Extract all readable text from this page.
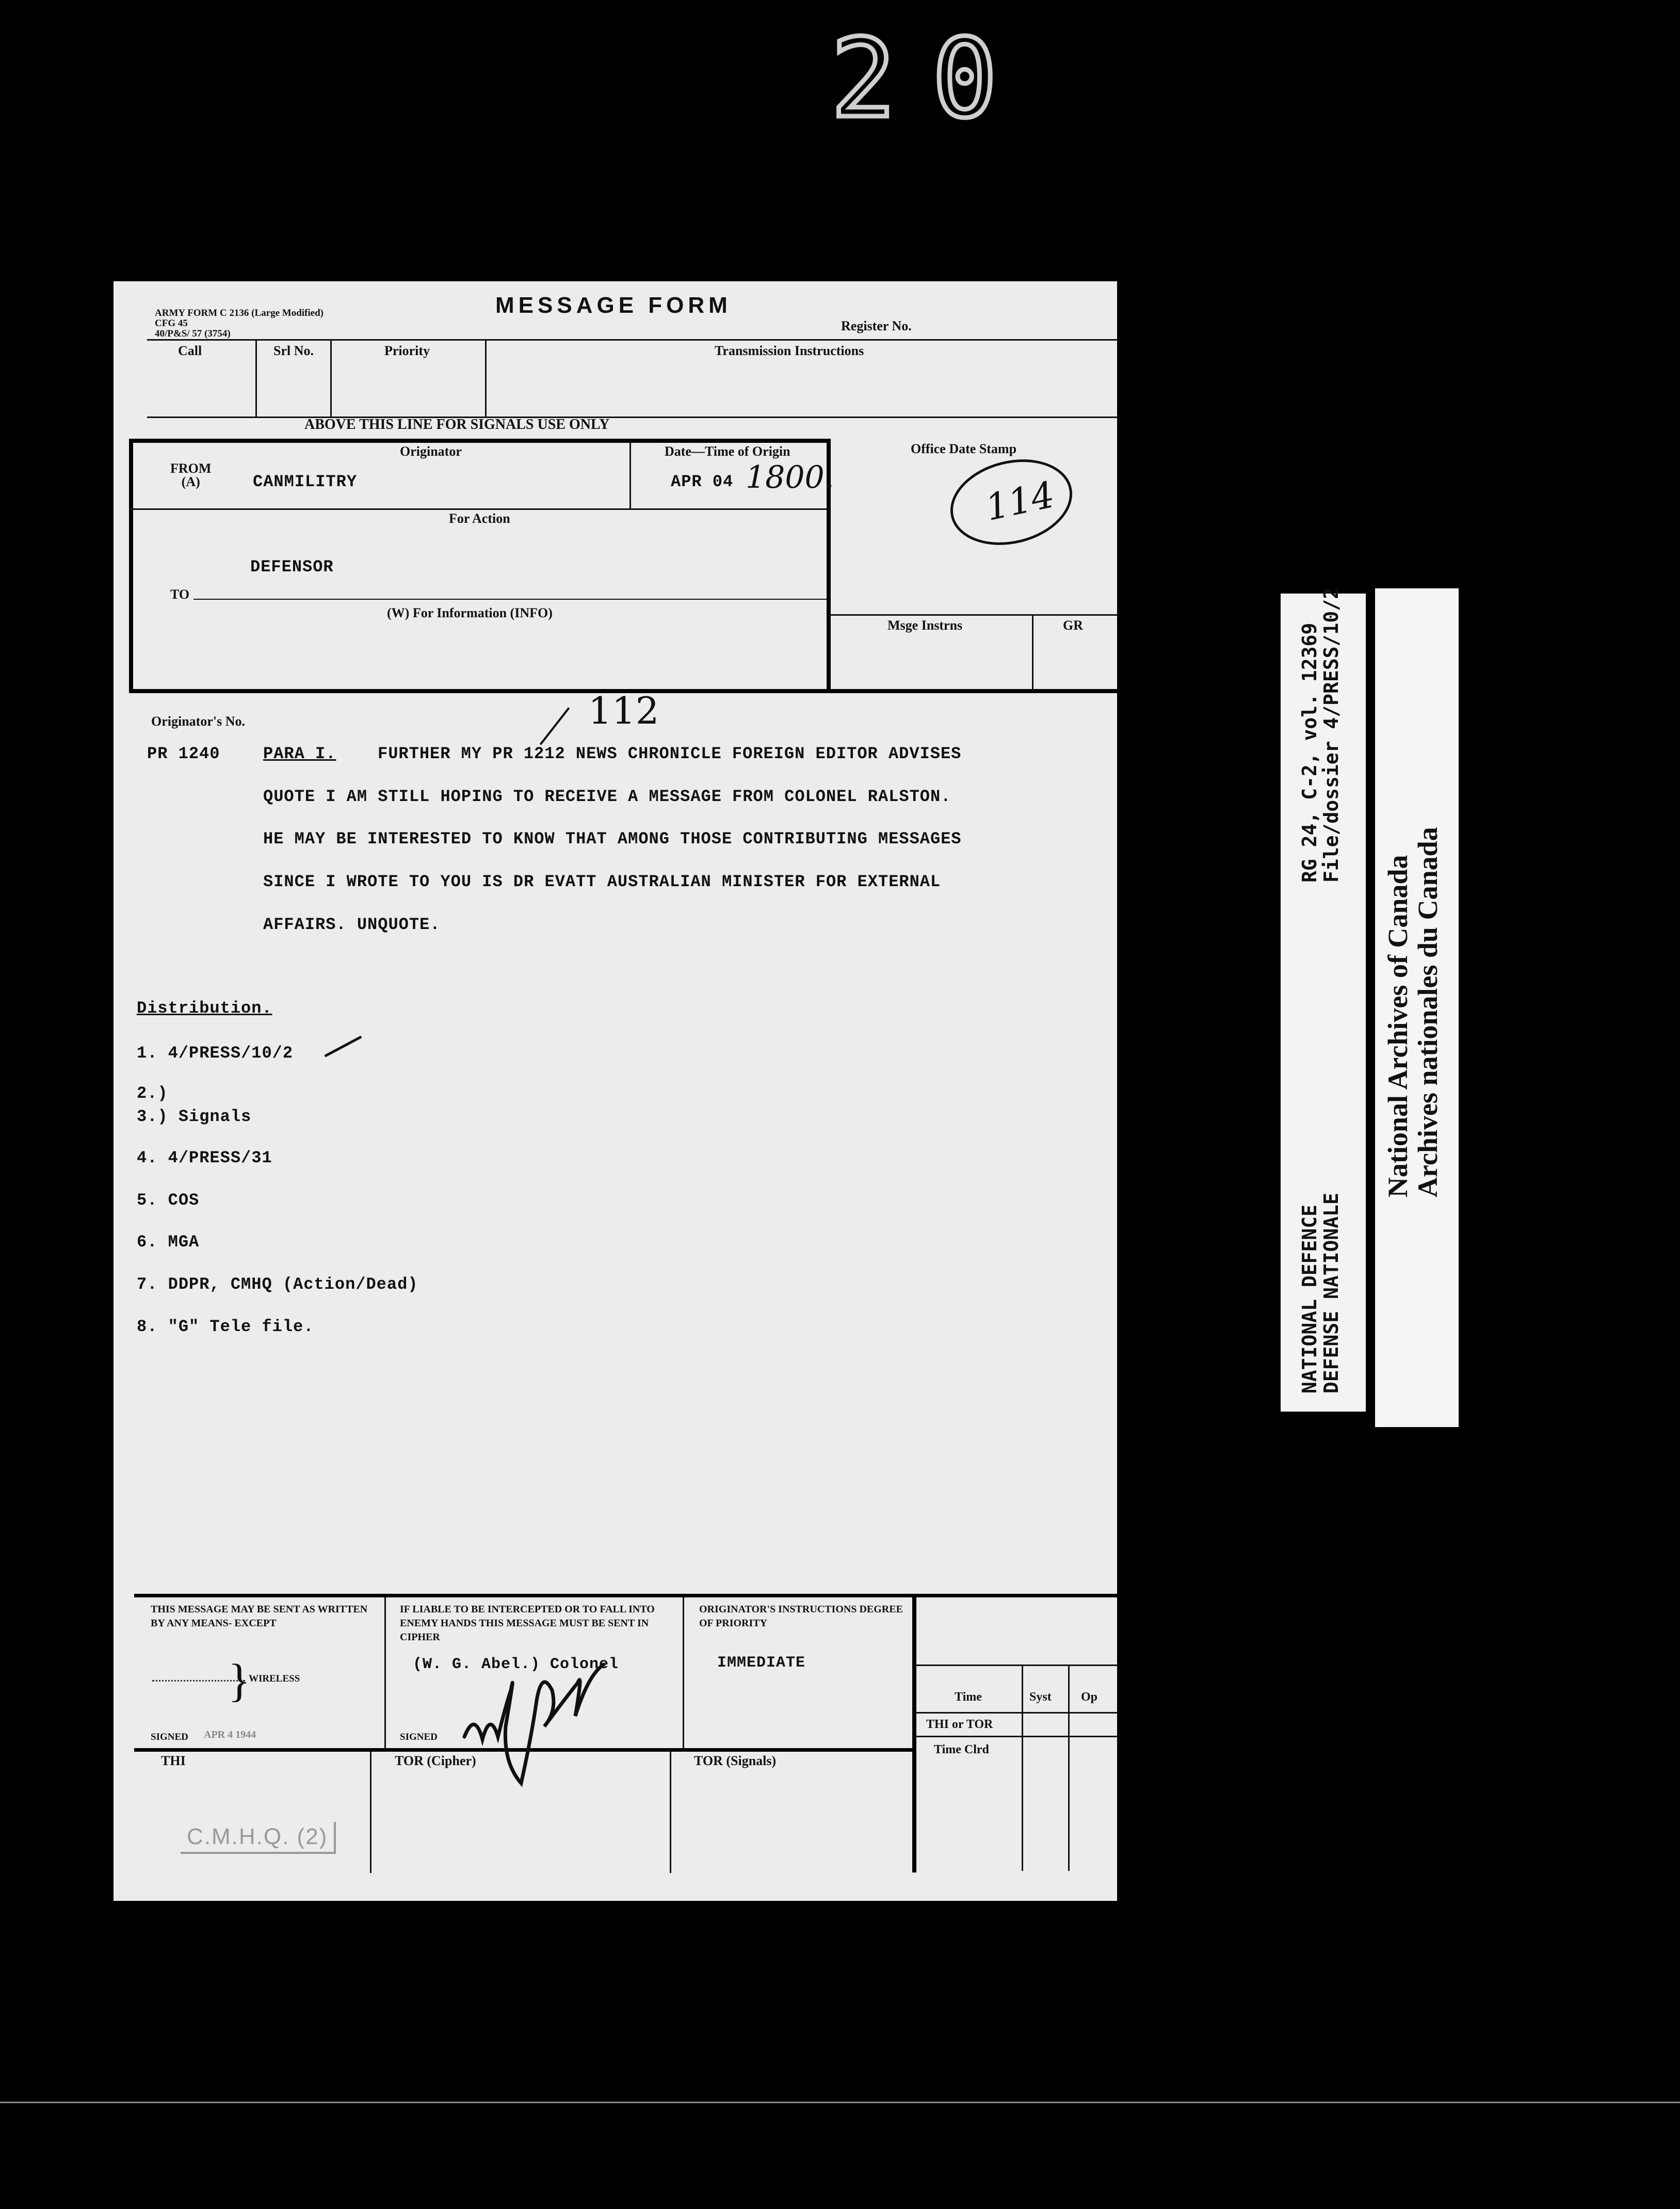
20
ARMY FORM C 2136 (Large Modified)
CFG 45
40/P&S/ 57 (3754)
MESSAGE FORM
Register No.
Call	Srl No.	Priority	Transmission Instructions
ABOVE THIS LINE FOR SIGNALS USE ONLY
Originator	Date—Time of Origin	Office Date Stamp
FROM
(A)	CANMILITRY	APR 04 1800.	114
For Action
DEFENSOR
TO
(W) For Information (INFO)
Msge Instrns	GR
Originator's No.	112
PR 1240	PARA I.	FURTHER MY PR 1212 NEWS CHRONICLE FOREIGN EDITOR ADVISES
QUOTE I AM STILL HOPING TO RECEIVE A MESSAGE FROM COLONEL RALSTON.
HE MAY BE INTERESTED TO KNOW THAT AMONG THOSE CONTRIBUTING MESSAGES
SINCE I WROTE TO YOU IS DR EVATT AUSTRALIAN MINISTER FOR EXTERNAL
AFFAIRS. UNQUOTE.
Distribution.
1. 4/PRESS/10/2
2.)
3.) Signals
4. 4/PRESS/31
5. COS
6. MGA
7. DDPR, CMHQ (Action/Dead)
8. "G" Tele file.
THIS MESSAGE MAY BE SENT AS WRITTEN BY ANY MEANS- EXCEPT
}
WIRELESS
SIGNED APR 4 1944
IF LIABLE TO BE INTERCEPTED OR TO FALL INTO ENEMY HANDS THIS MESSAGE MUST BE SENT IN CIPHER
(W. G. Abel.) Colonel
SIGNED
ORIGINATOR'S INSTRUCTIONS DEGREE OF PRIORITY
IMMEDIATE
Time	Syst Op
THI or TOR
Time Clrd
THI	TOR (Cipher)	TOR (Signals)
C.M.H.Q. (2)
RG 24, C-2, vol. 12369
File/dossier 4/PRESS/10/2
NATIONAL DEFENCE
DEFENSE NATIONALE
National Archives of Canada
Archives nationales du Canada
